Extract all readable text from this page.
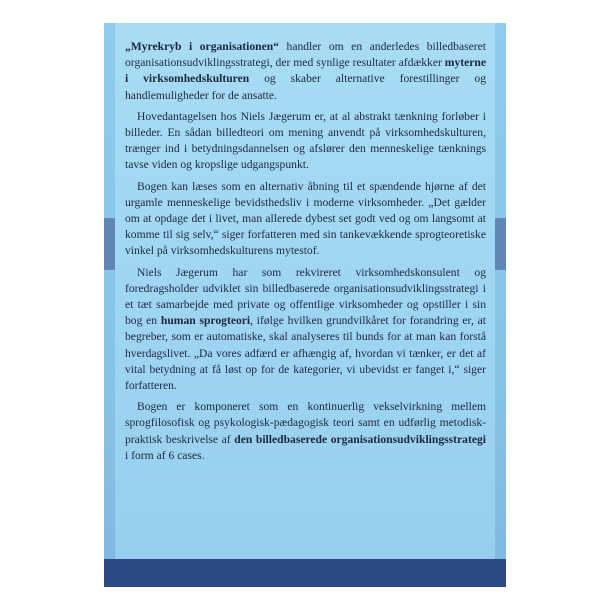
„Myrekryb i organisationen“ handler om en anderledes billedbaseret organisationsudviklingsstrategi, der med synlige resultater afdækker myterne i virksomhedskulturen og skaber alternative forestillinger og handlemuligheder for de ansatte.

Hovedantagelsen hos Niels Jægerum er, at al abstrakt tænkning forløber i billeder. En sådan billedteori om mening anvendt på virksomhedskulturen, trænger ind i betydningsdannelsen og afslører den menneskelige tænknings tavse viden og kropslige udgangspunkt.

Bogen kan læses som en alternativ åbning til et spændende hjørne af det urgamle menneskelige bevidsthedsliv i moderne virksomheder. „Det gælder om at opdage det i livet, man allerede dybest set godt ved og om langsomt at komme til sig selv,“ siger forfatteren med sin tankevækkende sprogteoretiske vinkel på virksomhedskulturens mytestof.

Niels Jægerum har som rekvireret virksomhedskonsulent og foredragsholder udviklet sin billedbaserede organisationsudviklingsstrategi i et tæt samarbejde med private og offentlige virksomheder og opstiller i sin bog en human sprogteori, ifølge hvilken grundvilkåret for forandring er, at begreber, som er automatiske, skal analyseres til bunds for at man kan forstå hverdagslivet. „Da vores adfærd er afhængig af, hvordan vi tænker, er det af vital betydning at få løst op for de kategorier, vi ubevidst er fanget i,“ siger forfatteren.

Bogen er komponeret som en kontinuerlig vekselvirkning mellem sprogfilosofisk og psykologisk-pædagogisk teori samt en udførlig metodisk-praktisk beskrivelse af den billedbaserede organisationsudviklingsstrategi i form af 6 cases.
